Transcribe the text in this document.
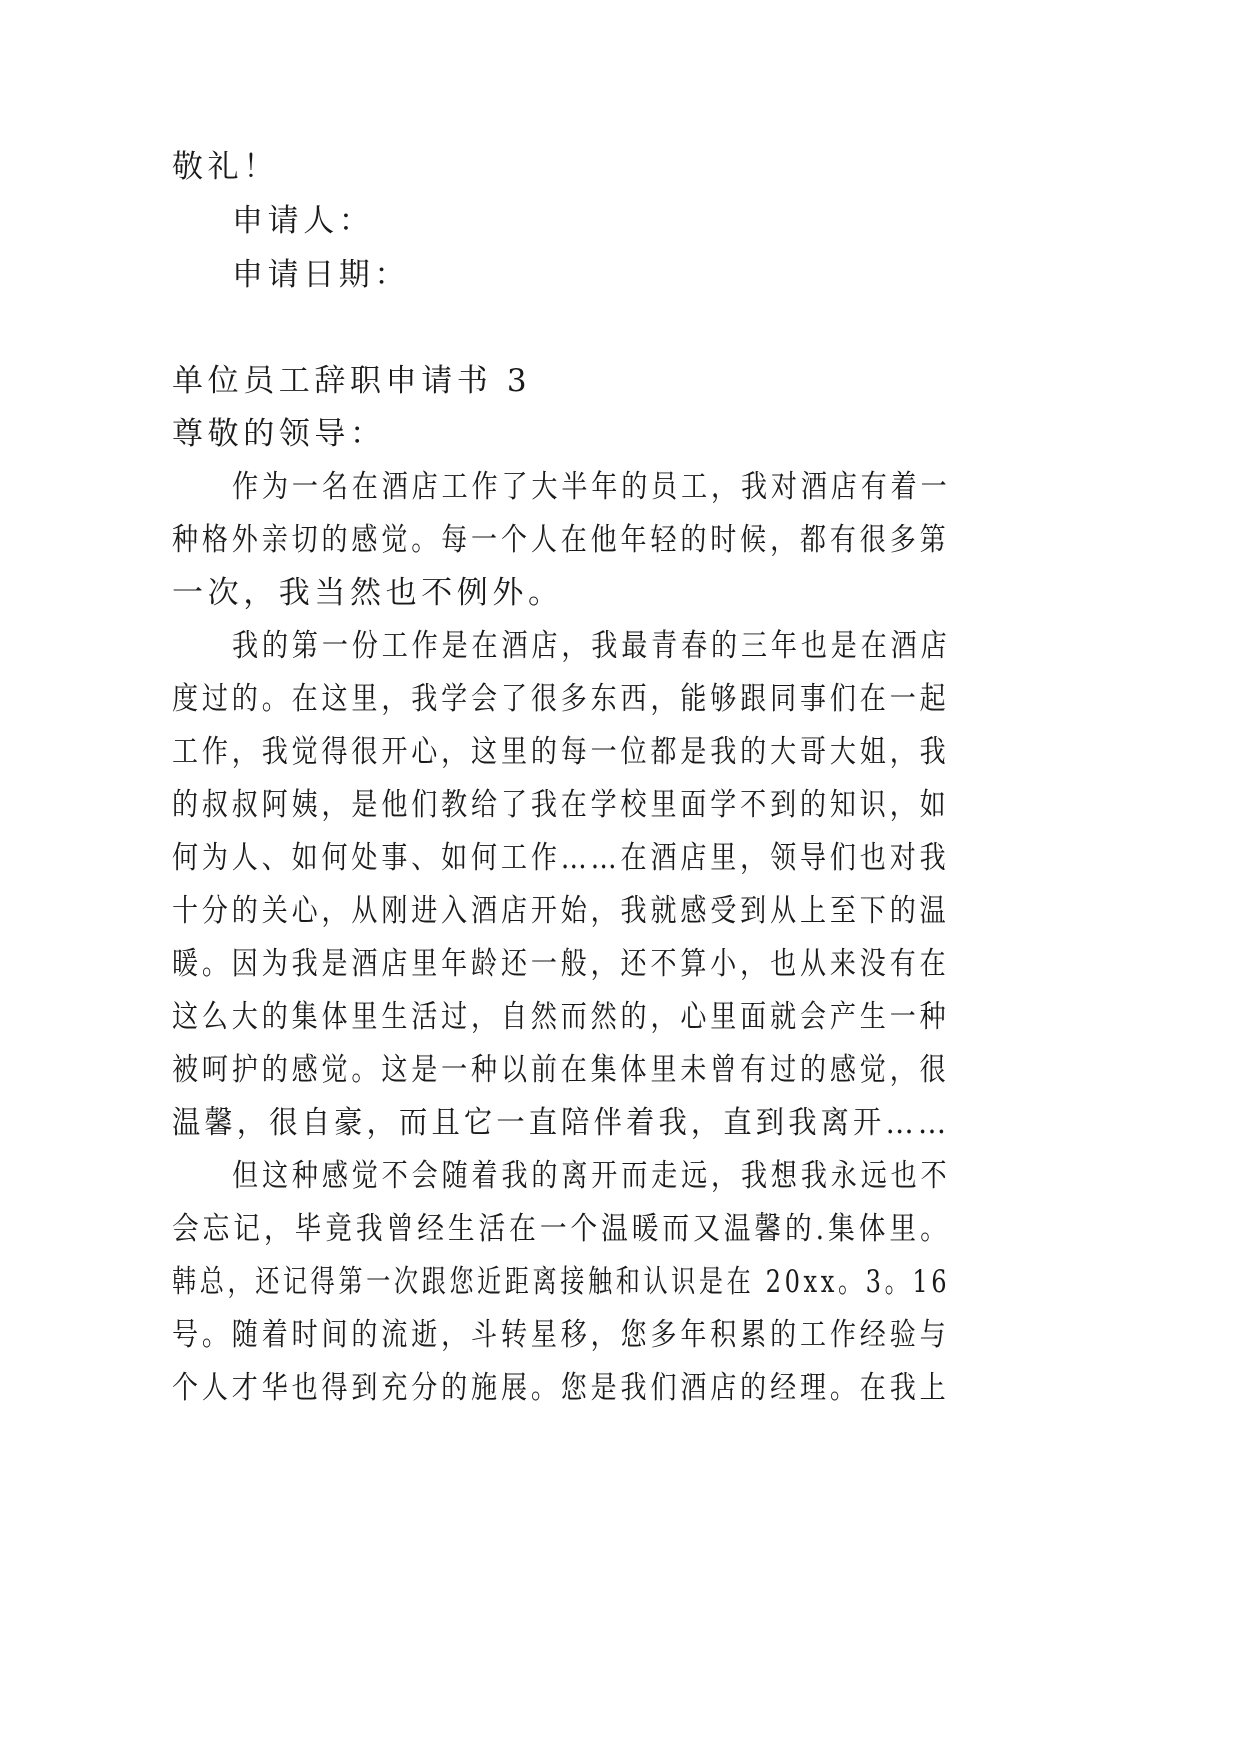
敬礼！
申请人：
申请日期：
单位员工辞职申请书 3
尊敬的领导：
作为一名在酒店工作了大半年的员工，我对酒店有着一
种格外亲切的感觉。每一个人在他年轻的时候，都有很多第
一次，我当然也不例外。
我的第一份工作是在酒店，我最青春的三年也是在酒店
度过的。在这里，我学会了很多东西，能够跟同事们在一起
工作，我觉得很开心，这里的每一位都是我的大哥大姐，我
的叔叔阿姨，是他们教给了我在学校里面学不到的知识，如
何为人、如何处事、如何工作……在酒店里，领导们也对我
十分的关心，从刚进入酒店开始，我就感受到从上至下的温
暖。因为我是酒店里年龄还一般，还不算小，也从来没有在
这么大的集体里生活过，自然而然的，心里面就会产生一种
被呵护的感觉。这是一种以前在集体里未曾有过的感觉，很
温馨，很自豪，而且它一直陪伴着我，直到我离开……
但这种感觉不会随着我的离开而走远，我想我永远也不
会忘记，毕竟我曾经生活在一个温暖而又温馨的.集体里。
韩总，还记得第一次跟您近距离接触和认识是在 20xx。3。16
号。随着时间的流逝，斗转星移，您多年积累的工作经验与
个人才华也得到充分的施展。您是我们酒店的经理。在我上
